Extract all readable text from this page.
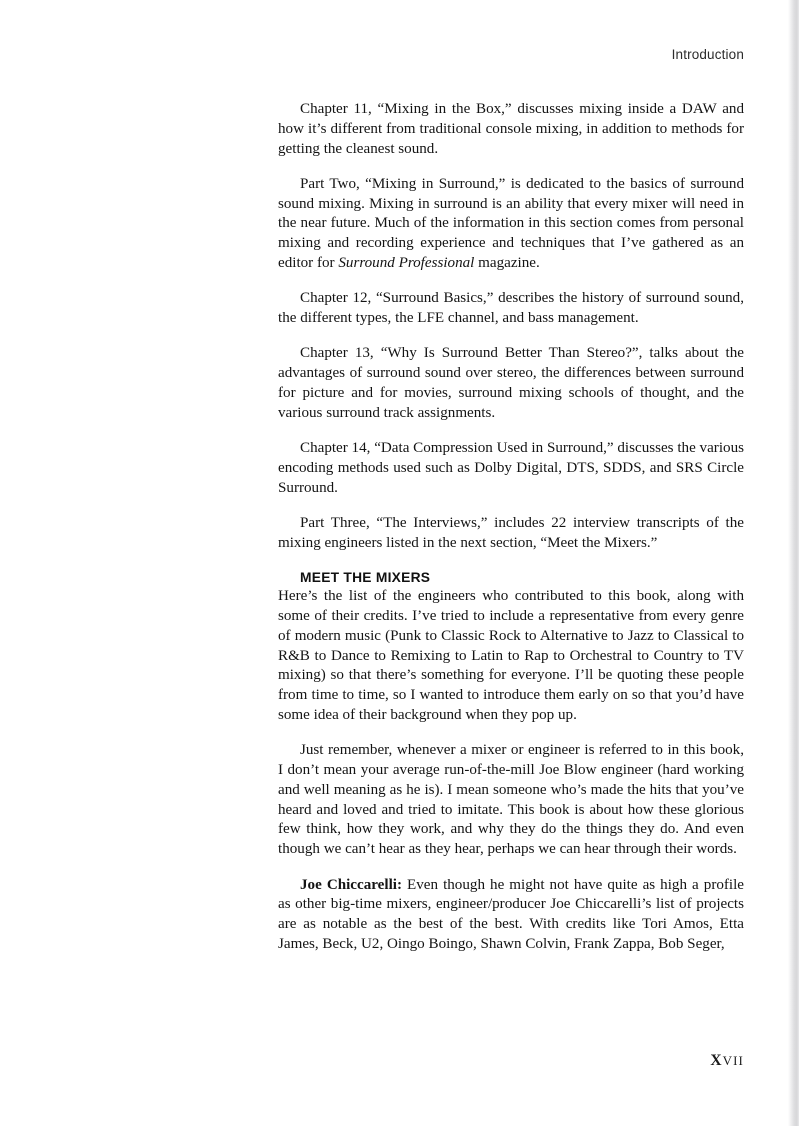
Introduction

Chapter 11, “Mixing in the Box,” discusses mixing inside a DAW and how it’s different from traditional console mixing, in addition to methods for getting the cleanest sound.

Part Two, “Mixing in Surround,” is dedicated to the basics of surround sound mixing. Mixing in surround is an ability that every mixer will need in the near future. Much of the information in this section comes from personal mixing and recording experience and techniques that I’ve gathered as an editor for Surround Professional magazine.

Chapter 12, “Surround Basics,” describes the history of surround sound, the different types, the LFE channel, and bass management.

Chapter 13, “Why Is Surround Better Than Stereo?”, talks about the advantages of surround sound over stereo, the differences between surround for picture and for movies, surround mixing schools of thought, and the various surround track assignments.

Chapter 14, “Data Compression Used in Surround,” discusses the various encoding methods used such as Dolby Digital, DTS, SDDS, and SRS Circle Surround.

Part Three, “The Interviews,” includes 22 interview transcripts of the mixing engineers listed in the next section, “Meet the Mixers.”

MEET THE MIXERS

Here’s the list of the engineers who contributed to this book, along with some of their credits. I’ve tried to include a representative from every genre of modern music (Punk to Classic Rock to Alternative to Jazz to Classical to R&B to Dance to Remixing to Latin to Rap to Orchestral to Country to TV mixing) so that there’s something for everyone. I’ll be quoting these people from time to time, so I wanted to introduce them early on so that you’d have some idea of their background when they pop up.

Just remember, whenever a mixer or engineer is referred to in this book, I don’t mean your average run-of-the-mill Joe Blow engineer (hard working and well meaning as he is). I mean someone who’s made the hits that you’ve heard and loved and tried to imitate. This book is about how these glorious few think, how they work, and why they do the things they do. And even though we can’t hear as they hear, perhaps we can hear through their words.

Joe Chiccarelli: Even though he might not have quite as high a profile as other big-time mixers, engineer/producer Joe Chiccarelli’s list of projects are as notable as the best of the best. With credits like Tori Amos, Etta James, Beck, U2, Oingo Boingo, Shawn Colvin, Frank Zappa, Bob Seger,

XVII
